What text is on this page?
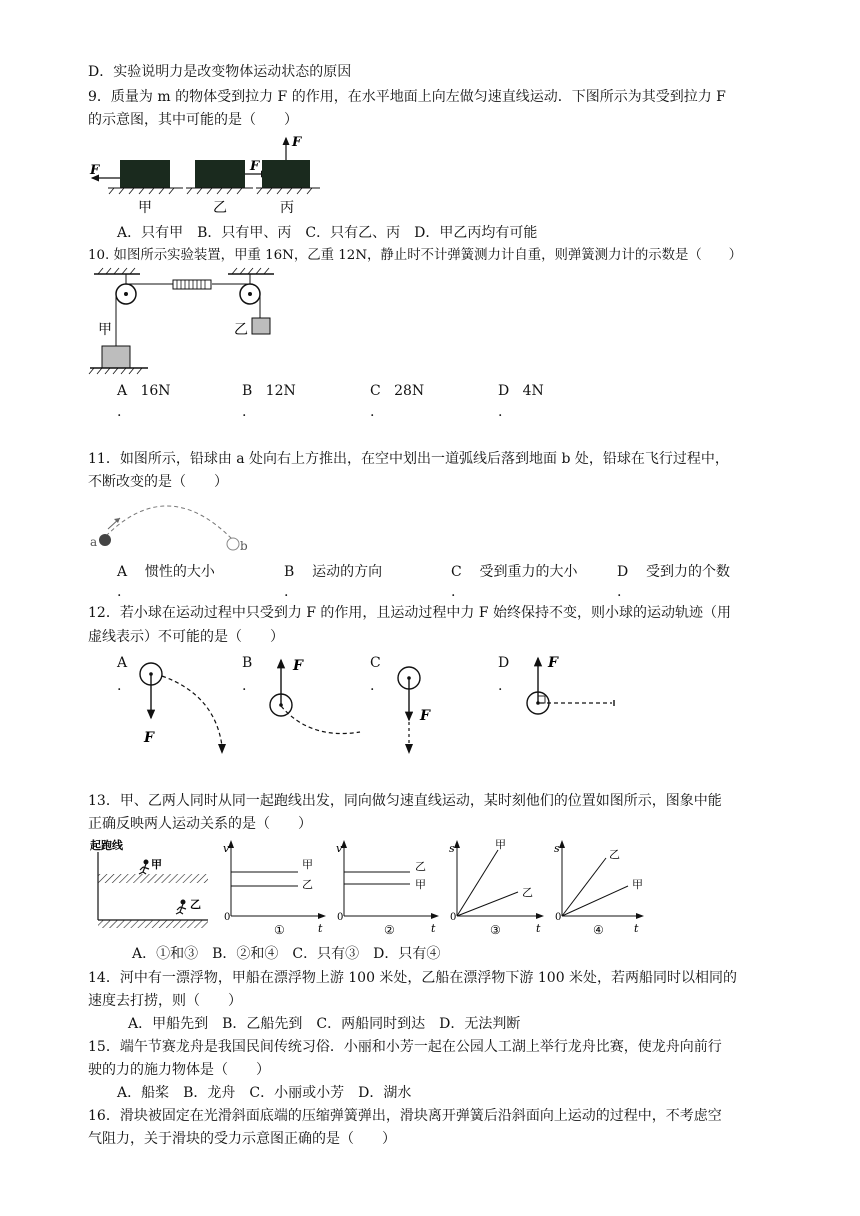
D．实验说明力是改变物体运动状态的原因
9．质量为 m 的物体受到拉力 F 的作用，在水平地面上向左做匀速直线运动．下图所示为其受到拉力 F
的示意图，其中可能的是（　　）
F
甲
F
乙
F
丙
A．只有甲　B．只有甲、丙　C．只有乙、丙　D．甲乙丙均有可能
10. 如图所示实验装置，甲重 16N，乙重 12N，静止时不计弹簧测力计自重，则弹簧测力计的示数是（　　）
乙
甲
A 16N	B 12N	C 28N	D 4N
.	.	.	.
11．如图所示，铅球由 a 处向右上方推出，在空中划出一道弧线后落到地面 b 处，铅球在飞行过程中，
不断改变的是（　　）
a	b
A 惯性的大小	B 运动的方向	C 受到重力的大小	D 受到力的个数
.	.	.	.
12．若小球在运动过程中只受到力 F 的作用，且运动过程中力 F 始终保持不变，则小球的运动轨迹（用
虚线表示）不可能的是（　　）
A
.
B
.
C
.
D
.
F
F
F
F
13．甲、乙两人同时从同一起跑线出发，同向做匀速直线运动，某时刻他们的位置如图所示，图象中能
正确反映两人运动关系的是（　　）
起跑线
甲
乙
v
0
t
甲
乙
①
v
0
t
乙
甲
②
s
0
t
甲
乙
③
s
0
t
乙
甲
④
A．①和③　B．②和④　C．只有③　D．只有④
14．河中有一漂浮物，甲船在漂浮物上游 100 米处，乙船在漂浮物下游 100 米处，若两船同时以相同的
速度去打捞，则（　　）
A．甲船先到　B．乙船先到　C．两船同时到达　D．无法判断
15．端午节赛龙舟是我国民间传统习俗．小丽和小芳一起在公园人工湖上举行龙舟比赛，使龙舟向前行
驶的力的施力物体是（　　）
A．船桨　B．龙舟　C．小丽或小芳　D．湖水
16．滑块被固定在光滑斜面底端的压缩弹簧弹出，滑块离开弹簧后沿斜面向上运动的过程中，不考虑空
气阻力，关于滑块的受力示意图正确的是（　　）
